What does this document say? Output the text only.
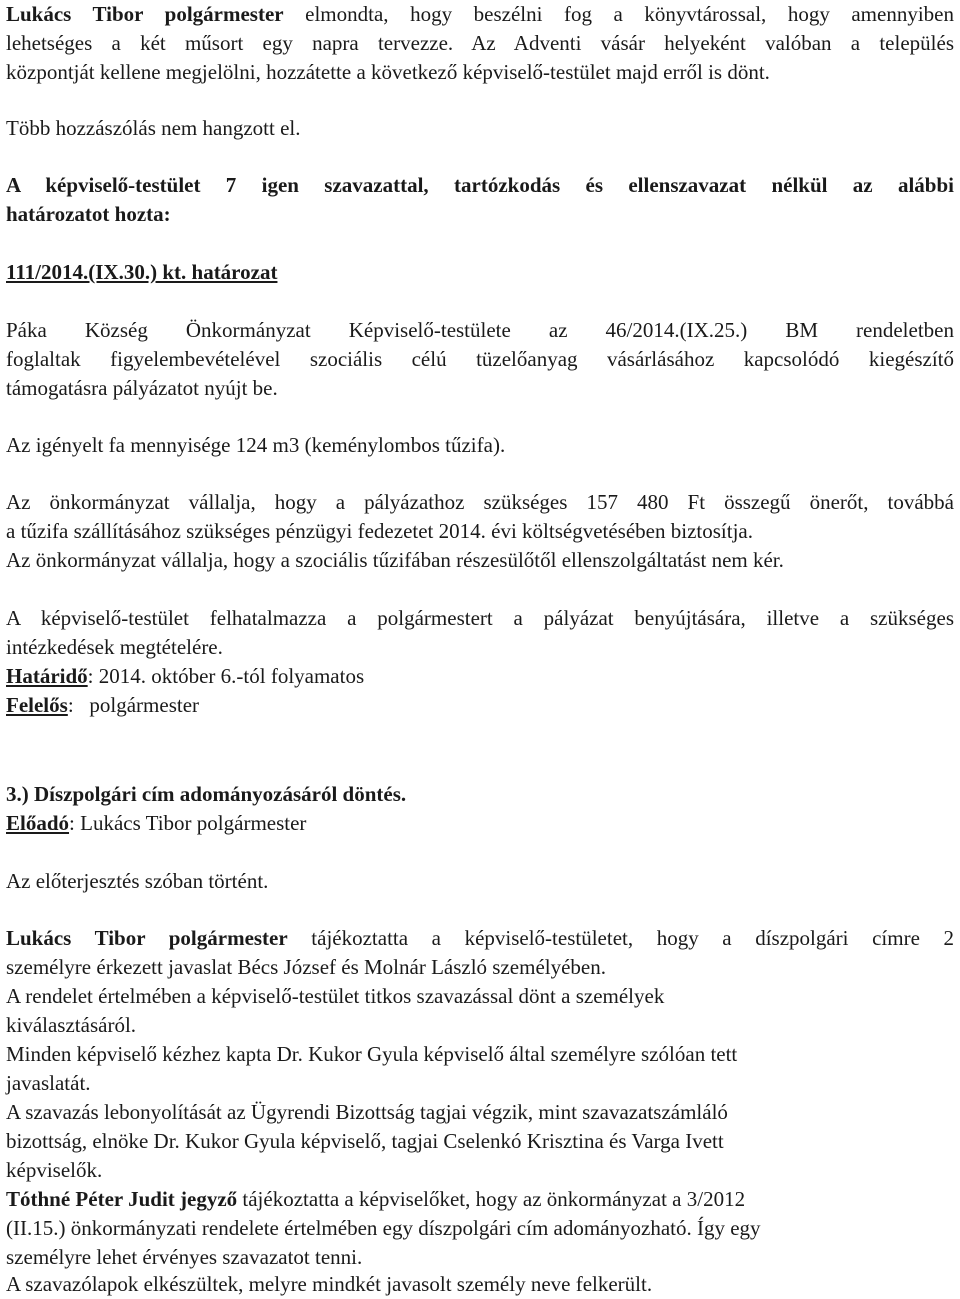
Lukács Tibor polgármester elmondta, hogy beszélni fog a könyvtárossal, hogy amennyiben
lehetséges a két műsort egy napra tervezze. Az Adventi vásár helyeként valóban a település
központját kellene megjelölni, hozzátette a következő képviselő-testület majd erről is dönt.
Több hozzászólás nem hangzott el.
A képviselő-testület 7 igen szavazattal, tartózkodás és ellenszavazat nélkül az alábbi
határozatot hozta:
111/2014.(IX.30.) kt. határozat
Páka Község Önkormányzat Képviselő-testülete az 46/2014.(IX.25.) BM rendeletben
foglaltak figyelembevételével szociális célú tüzelőanyag vásárlásához kapcsolódó kiegészítő
támogatásra pályázatot nyújt be.
Az igényelt fa mennyisége 124 m3 (keménylombos tűzifa).
Az önkormányzat vállalja, hogy a pályázathoz szükséges 157 480 Ft összegű önerőt, továbbá
a tűzifa szállításához szükséges pénzügyi fedezetet 2014. évi költségvetésében biztosítja.
Az önkormányzat vállalja, hogy a szociális tűzifában részesülőtől ellenszolgáltatást nem kér.
A képviselő-testület felhatalmazza a polgármestert a pályázat benyújtására, illetve a szükséges
intézkedések megtételére.
Határidő: 2014. október 6.-tól folyamatos
Felelős:   polgármester
3.) Díszpolgári cím adományozásáról döntés.
Előadó: Lukács Tibor polgármester
Az előterjesztés szóban történt.
Lukács Tibor polgármester tájékoztatta a képviselő-testületet, hogy a díszpolgári címre 2
személyre érkezett javaslat Bécs József és Molnár László személyében.
A rendelet értelmében a képviselő-testület titkos szavazással dönt a személyek
kiválasztásáról.
Minden képviselő kézhez kapta Dr. Kukor Gyula képviselő által személyre szólóan tett
javaslatát.
A szavazás lebonyolítását az Ügyrendi Bizottság tagjai végzik, mint szavazatszámláló
bizottság, elnöke Dr. Kukor Gyula képviselő, tagjai Cselenkó Krisztina és Varga Ivett
képviselők.
Tóthné Péter Judit jegyző tájékoztatta a képviselőket, hogy az önkormányzat a 3/2012
(II.15.) önkormányzati rendelete értelmében egy díszpolgári cím adományozható. Így egy
személyre lehet érvényes szavazatot tenni.
A szavazólapok elkészültek, melyre mindkét javasolt személy neve felkerült.
